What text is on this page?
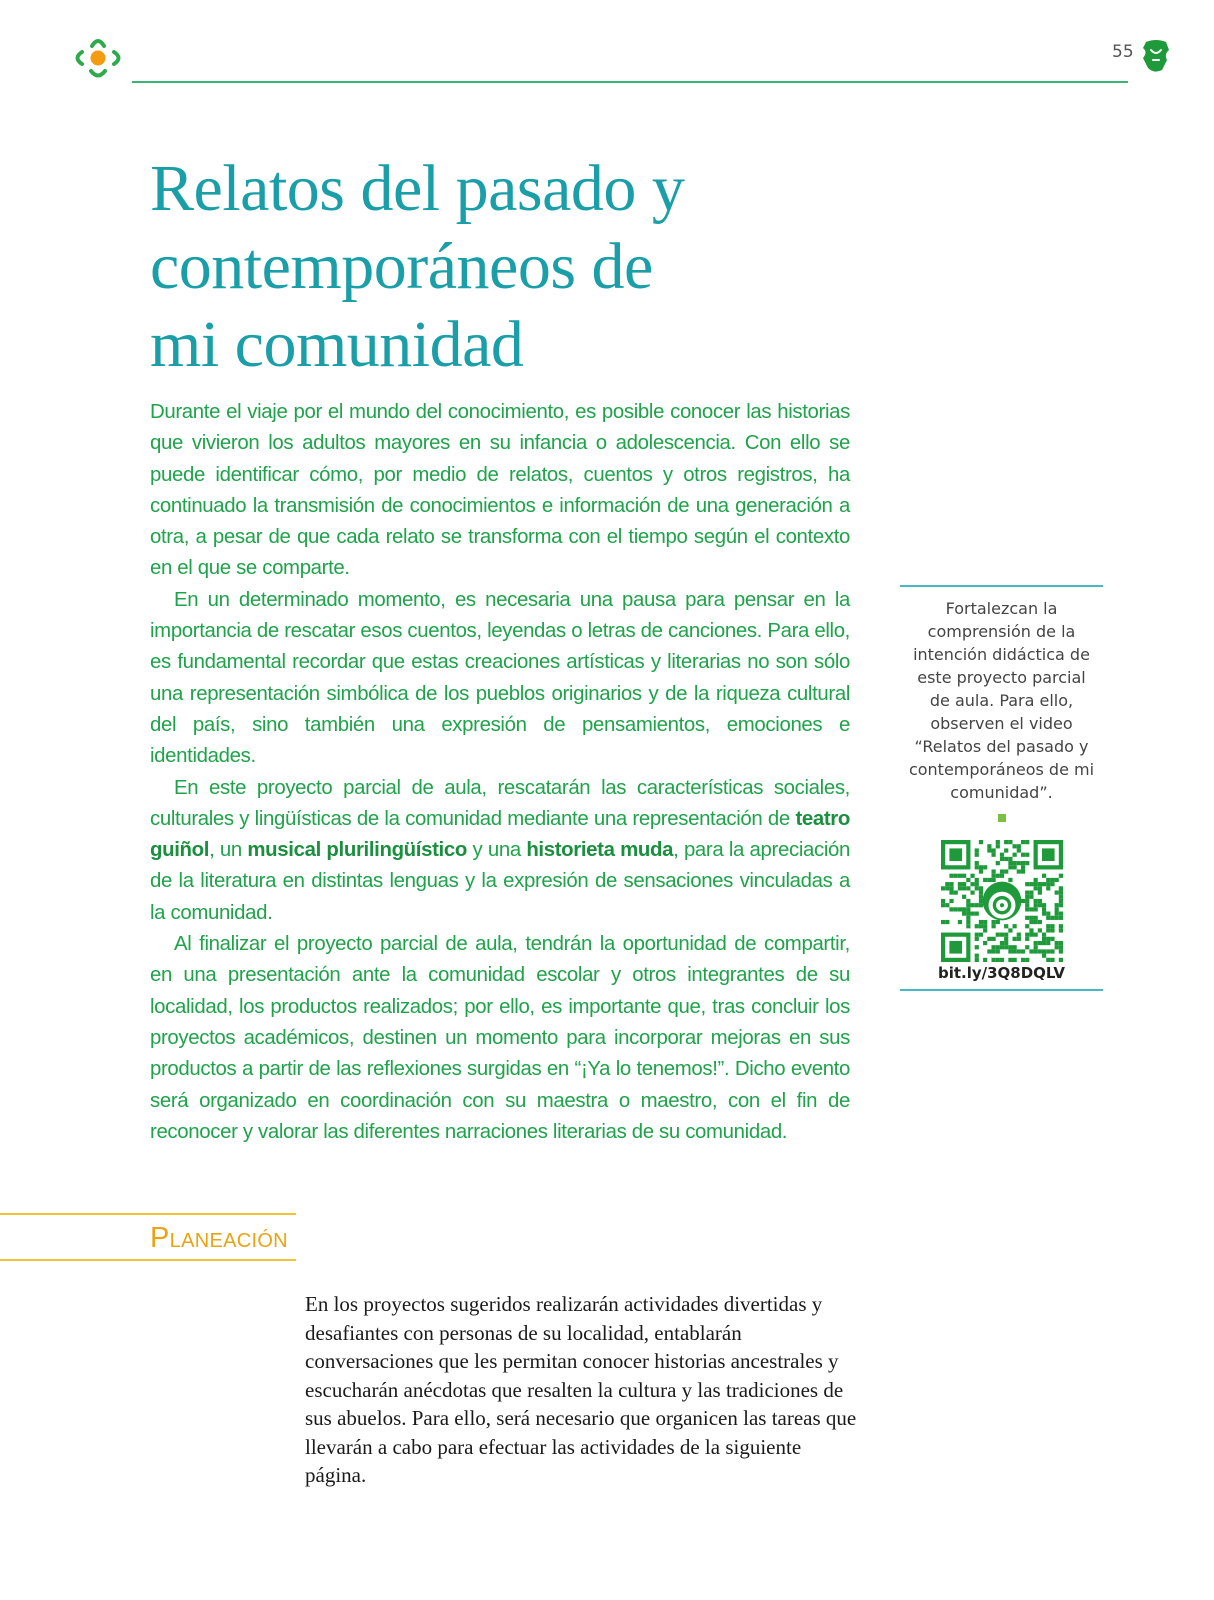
55
Relatos del pasado y
contemporáneos de
mi comunidad

Durante el viaje por el mundo del conocimiento, es posible conocer las historias que vivieron los adultos mayores en su infancia o adolescencia. Con ello se puede identificar cómo, por medio de relatos, cuentos y otros registros, ha continuado la transmisión de conocimientos e información de una generación a otra, a pesar de que cada relato se transforma con el tiempo según el contexto en el que se comparte.

En un determinado momento, es necesaria una pausa para pensar en la importancia de rescatar esos cuentos, leyendas o letras de canciones. Para ello, es fundamental recordar que estas creaciones artísticas y literarias no son sólo una representación simbólica de los pueblos originarios y de la riqueza cultural del país, sino también una expresión de pensamientos, emociones e identidades.

En este proyecto parcial de aula, rescatarán las características sociales, culturales y lingüísticas de la comunidad mediante una representación de teatro guiñol, un musical plurilingüístico y una historieta muda, para la apreciación de la literatura en distintas lenguas y la expresión de sensaciones vinculadas a la comunidad.

Al finalizar el proyecto parcial de aula, tendrán la oportunidad de compartir, en una presentación ante la comunidad escolar y otros integrantes de su localidad, los productos realizados; por ello, es importante que, tras concluir los proyectos académicos, destinen un momento para incorporar mejoras en sus productos a partir de las reflexiones surgidas en “¡Ya lo tenemos!”. Dicho evento será organizado en coordinación con su maestra o maestro, con el fin de reconocer y valorar las diferentes narraciones literarias de su comunidad.

Fortalezcan la comprensión de la intención didáctica de este proyecto parcial de aula. Para ello, observen el video “Relatos del pasado y contemporáneos de mi comunidad”.
bit.ly/3Q8DQLV
Planeación

En los proyectos sugeridos realizarán actividades divertidas y desafiantes con personas de su localidad, entablarán conversaciones que les permitan conocer historias ancestrales y escucharán anécdotas que resalten la cultura y las tradiciones de sus abuelos. Para ello, será necesario que organicen las tareas que llevarán a cabo para efectuar las actividades de la siguiente página.
